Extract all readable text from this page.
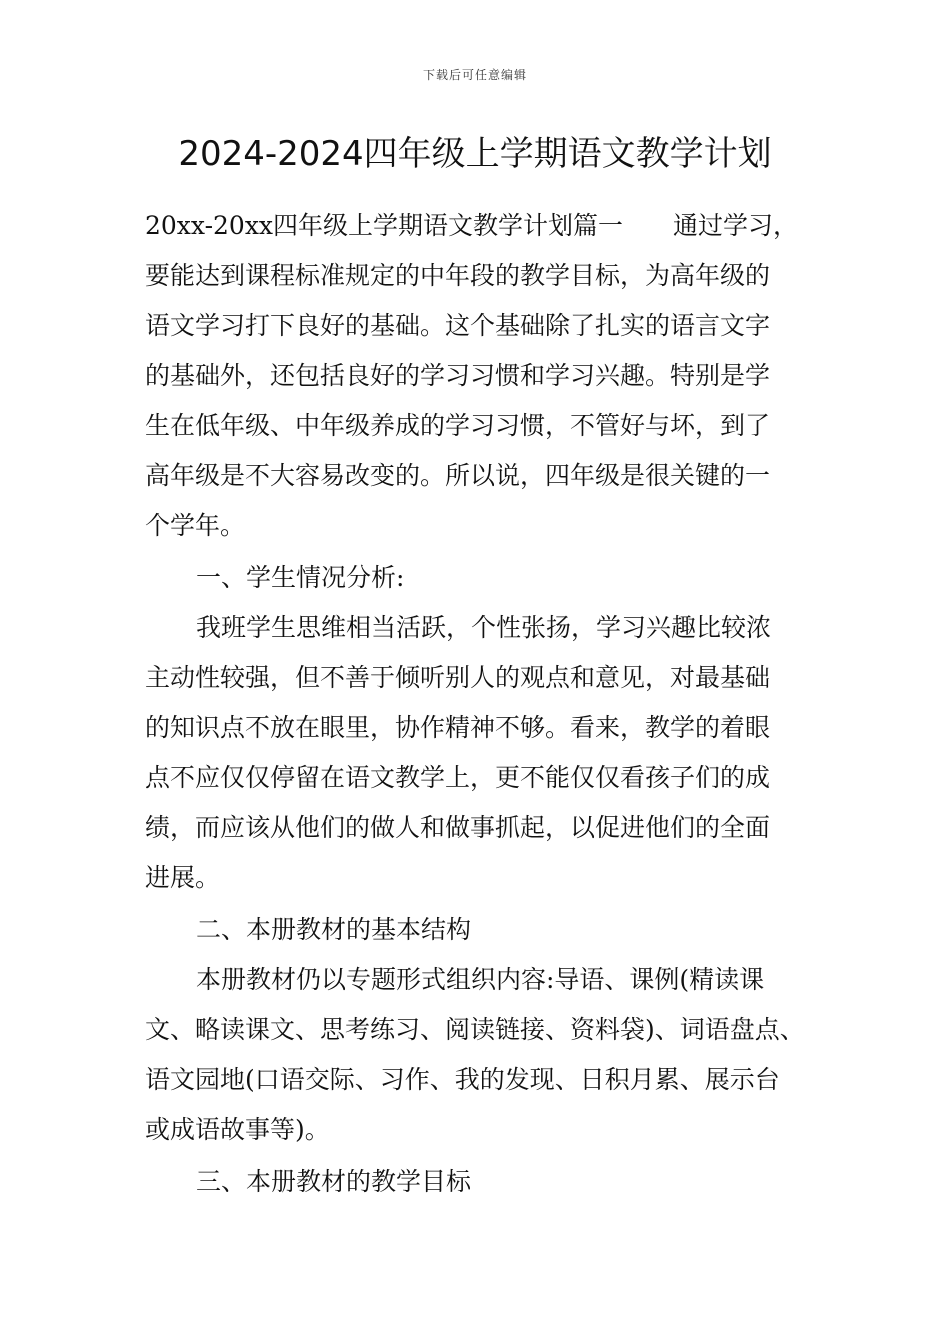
下载后可任意编辑
2024-2024四年级上学期语文教学计划
20xx-20xx四年级上学期语文教学计划篇一 通过学习，
要能达到课程标准规定的中年段的教学目标，为高年级的
语文学习打下良好的基础。这个基础除了扎实的语言文字
的基础外，还包括良好的学习习惯和学习兴趣。特别是学
生在低年级、中年级养成的学习习惯，不管好与坏，到了
高年级是不大容易改变的。所以说，四年级是很关键的一
个学年。
一、学生情况分析:
我班学生思维相当活跃，个性张扬，学习兴趣比较浓
主动性较强，但不善于倾听别人的观点和意见，对最基础
的知识点不放在眼里，协作精神不够。看来，教学的着眼
点不应仅仅停留在语文教学上，更不能仅仅看孩子们的成
绩，而应该从他们的做人和做事抓起，以促进他们的全面
进展。
二、本册教材的基本结构
本册教材仍以专题形式组织内容:导语、课例(精读课
文、略读课文、思考练习、阅读链接、资料袋)、词语盘点、
语文园地(口语交际、习作、我的发现、日积月累、展示台
或成语故事等)。
三、本册教材的教学目标
